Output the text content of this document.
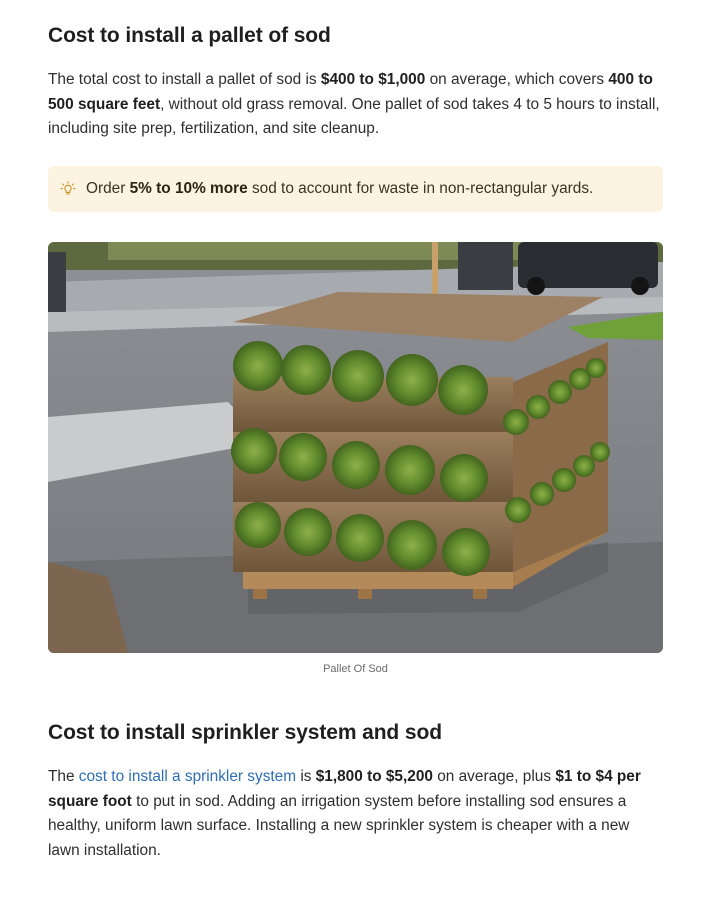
Cost to install a pallet of sod

The total cost to install a pallet of sod is $400 to $1,000 on average, which covers 400 to 500 square feet, without old grass removal. One pallet of sod takes 4 to 5 hours to install, including site prep, fertilization, and site cleanup.

Order 5% to 10% more sod to account for waste in non-rectangular yards.
Pallet Of Sod
Cost to install sprinkler system and sod

The cost to install a sprinkler system is $1,800 to $5,200 on average, plus $1 to $4 per square foot to put in sod. Adding an irrigation system before installing sod ensures a healthy, uniform lawn surface. Installing a new sprinkler system is cheaper with a new lawn installation.
